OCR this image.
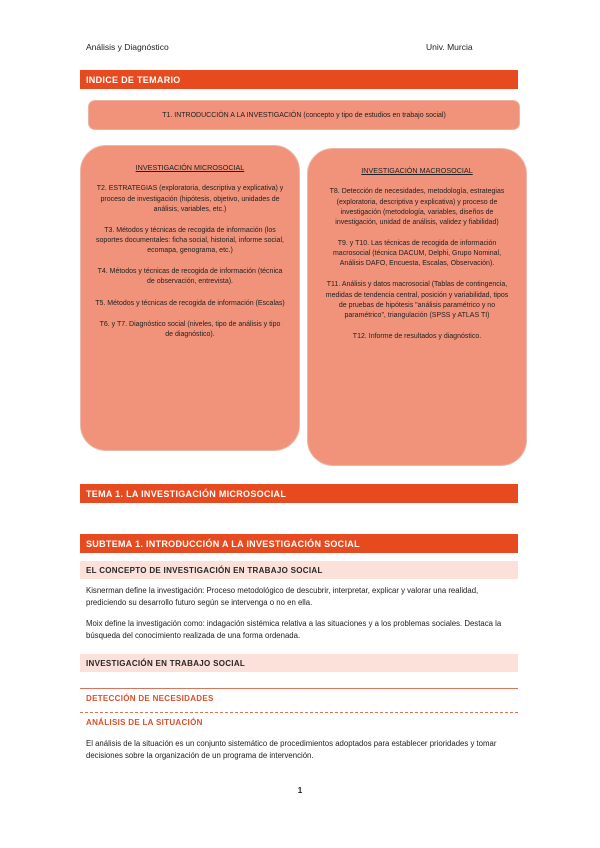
Análisis y Diagnóstico	Univ. Murcia
INDICE DE TEMARIO
T1. INTRODUCCIÓN A LA INVESTIGACIÓN (concepto y tipo de estudios en trabajo social)
INVESTIGACIÓN MICROSOCIAL

T2. ESTRATEGIAS (exploratoria, descriptiva y explicativa) y proceso de investigación (hipótesis, objetivo, unidades de análisis, variables, etc.)

T3. Métodos y técnicas de recogida de información (los soportes documentales: ficha social, historial, informe social, ecomapa, genograma, etc.)

T4. Métodos y técnicas de recogida de información (técnica de observación, entrevista).

T5. Métodos y técnicas de recogida de información (Escalas)

T6. y T7. Diagnóstico social (niveles, tipo de análisis y tipo de diagnóstico).

INVESTIGACIÓN MACROSOCIAL

T8. Detección de necesidades, metodología, estrategias (exploratoria, descriptiva y explicativa) y proceso de investigación (metodología, variables, diseños de investigación, unidad de análisis, validez y fiabilidad)

T9. y T10. Las técnicas de recogida de información macrosocial (técnica DACUM, Delphi, Grupo Nominal, Análisis DAFO, Encuesta, Escalas, Observación).

T11. Análisis y datos macrosocial (Tablas de contingencia, medidas de tendencia central, posición y variabilidad, tipos de pruebas de hipótesis "análisis paramétrico y no paramétrico", triangulación (SPSS y ATLAS TI)

T12. Informe de resultados y diagnóstico.

TEMA 1. LA INVESTIGACIÓN MICROSOCIAL
SUBTEMA 1. INTRODUCCIÓN A LA INVESTIGACIÓN SOCIAL
EL CONCEPTO DE INVESTIGACIÓN EN TRABAJO SOCIAL
Kisnerman define la investigación: Proceso metodológico de descubrir, interpretar, explicar y valorar una realidad, prediciendo su desarrollo futuro según se intervenga o no en ella.
Moix define la investigación como: indagación sistémica relativa a las situaciones y a los problemas sociales. Destaca la búsqueda del conocimiento realizada de una forma ordenada.
INVESTIGACIÓN EN TRABAJO SOCIAL
DETECCIÓN DE NECESIDADES
ANÁLISIS DE LA SITUACIÓN
El análisis de la situación es un conjunto sistemático de procedimientos adoptados para establecer prioridades y tomar decisiones sobre la organización de un programa de intervención.
1
